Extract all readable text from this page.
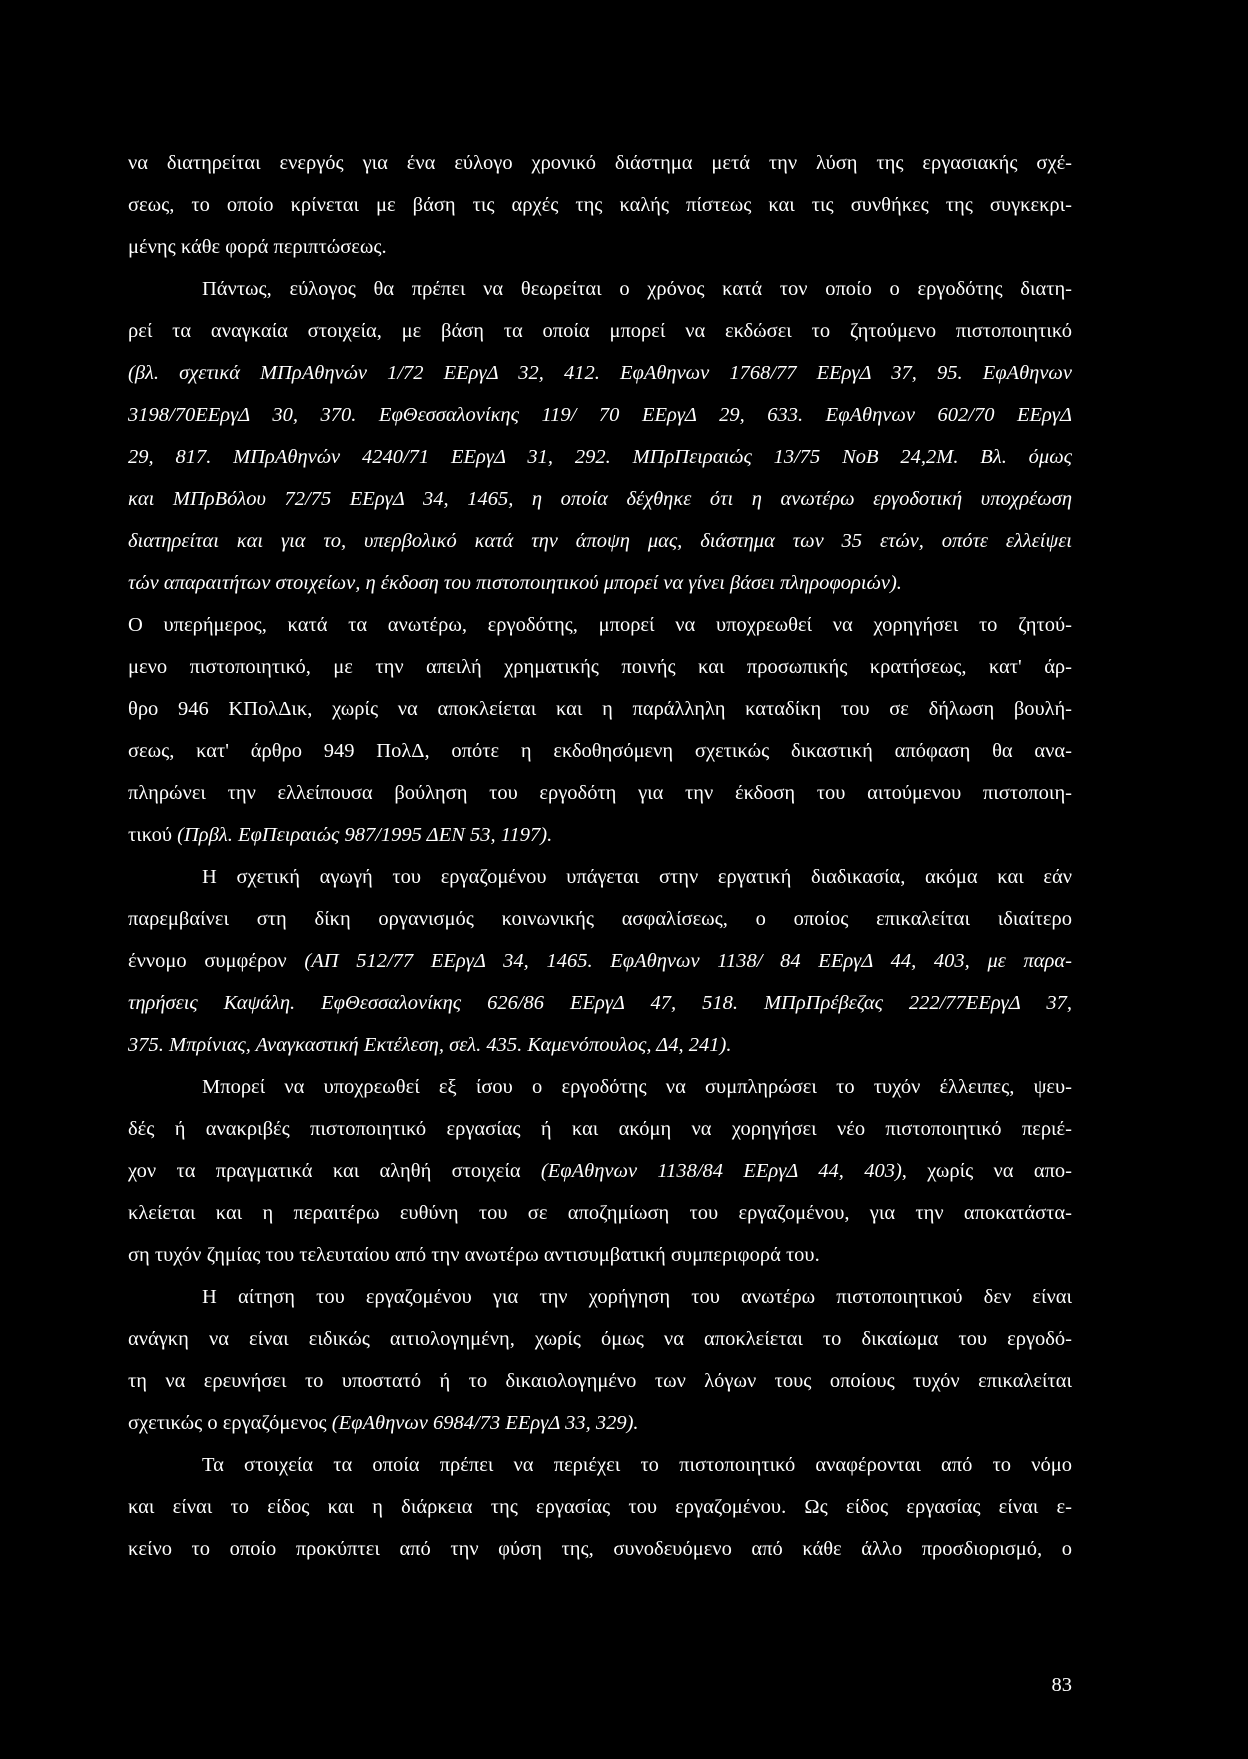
να διατηρείται ενεργός για ένα εύλογο χρονικό διάστημα μετά την λύση της εργασιακής σχέ-
σεως, το οποίο κρίνεται με βάση τις αρχές της καλής πίστεως και τις συνθήκες της συγκεκρι-
μένης κάθε φορά περιπτώσεως.
Πάντως, εύλογος θα πρέπει να θεωρείται ο χρόνος κατά τον οποίο ο εργοδότης διατη-
ρεί τα αναγκαία στοιχεία, με βάση τα οποία μπορεί να εκδώσει το ζητούμενο πιστοποιητικό
(βλ. σχετικά ΜΠρΑθηνών 1/72 ΕΕργΔ 32, 412. ΕφΑθηνων 1768/77 ΕΕργΔ 37, 95. ΕφΑθηνων
3198/70ΕΕργΔ 30, 370. ΕφΘεσσαλονίκης 119/ 70 ΕΕργΔ 29, 633. ΕφΑθηνων 602/70 ΕΕργΔ
29, 817. ΜΠρΑθηνών 4240/71 ΕΕργΔ 31, 292. ΜΠρΠειραιώς 13/75 ΝοΒ 24,2Μ. Βλ. όμως
και ΜΠρΒόλου 72/75 ΕΕργΔ 34, 1465, η οποία δέχθηκε ότι η ανωτέρω εργοδοτική υποχρέωση
διατηρείται και για το, υπερβολικό κατά την άποψη μας, διάστημα των 35 ετών, οπότε ελλείψει
τών απαραιτήτων στοιχείων, η έκδοση του πιστοποιητικού μπορεί να γίνει βάσει πληροφοριών).
Ο υπερήμερος, κατά τα ανωτέρω, εργοδότης, μπορεί να υποχρεωθεί να χορηγήσει το ζητού-
μενο πιστοποιητικό, με την απειλή χρηματικής ποινής και προσωπικής κρατήσεως, κατ' άρ-
θρο 946 ΚΠολΔικ, χωρίς να αποκλείεται και η παράλληλη καταδίκη του σε δήλωση βουλή-
σεως, κατ' άρθρο 949 ΠολΔ, οπότε η εκδοθησόμενη σχετικώς δικαστική απόφαση θα ανα-
πληρώνει την ελλείπουσα βούληση του εργοδότη για την έκδοση του αιτούμενου πιστοποιη-
τικού (Πρβλ. ΕφΠειραιώς 987/1995 ΔΕΝ 53, 1197).
Η σχετική αγωγή του εργαζομένου υπάγεται στην εργατική διαδικασία, ακόμα και εάν
παρεμβαίνει στη δίκη οργανισμός κοινωνικής ασφαλίσεως, ο οποίος επικαλείται ιδιαίτερο
έννομο συμφέρον (ΑΠ 512/77 ΕΕργΔ 34, 1465. ΕφΑθηνων 1138/ 84 ΕΕργΔ 44, 403, με παρα-
τηρήσεις Καψάλη. ΕφΘεσσαλονίκης 626/86 ΕΕργΔ 47, 518. ΜΠρΠρέβεζας 222/77ΕΕργΔ 37,
375. Μπρίνιας, Αναγκαστική Εκτέλεση, σελ. 435. Καμενόπουλος, Δ4, 241).
Μπορεί να υποχρεωθεί εξ ίσου ο εργοδότης να συμπληρώσει το τυχόν έλλειπες, ψευ-
δές ή ανακριβές πιστοποιητικό εργασίας ή και ακόμη να χορηγήσει νέο πιστοποιητικό περιέ-
χον τα πραγματικά και αληθή στοιχεία (ΕφΑθηνων 1138/84 ΕΕργΔ 44, 403), χωρίς να απο-
κλείεται και η περαιτέρω ευθύνη του σε αποζημίωση του εργαζομένου, για την αποκατάστα-
ση τυχόν ζημίας του τελευταίου από την ανωτέρω αντισυμβατική συμπεριφορά του.
Η αίτηση του εργαζομένου για την χορήγηση του ανωτέρω πιστοποιητικού δεν είναι
ανάγκη να είναι ειδικώς αιτιολογημένη, χωρίς όμως να αποκλείεται το δικαίωμα του εργοδό-
τη να ερευνήσει το υποστατό ή το δικαιολογημένο των λόγων τους οποίους τυχόν επικαλείται
σχετικώς ο εργαζόμενος (ΕφΑθηνων 6984/73 ΕΕργΔ 33, 329).
Τα στοιχεία τα οποία πρέπει να περιέχει το πιστοποιητικό αναφέρονται από το νόμο
και είναι το είδος και η διάρκεια της εργασίας του εργαζομένου. Ως είδος εργασίας είναι ε-
κείνο το οποίο προκύπτει από την φύση της, συνοδευόμενο από κάθε άλλο προσδιορισμό, ο
83
